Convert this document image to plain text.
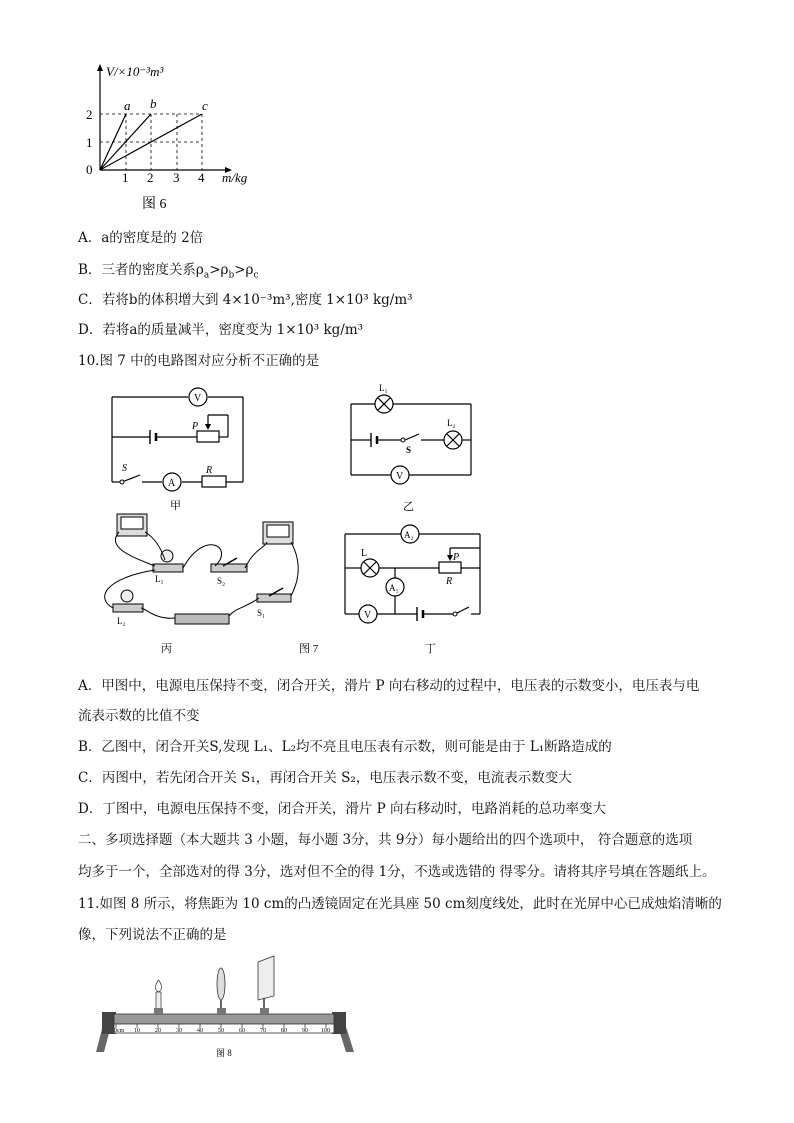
V/×10⁻³m³
m/kg
2
1
0
1 2 3 4
a b	c
图 6
A．a的密度是的 2倍
B．三者的密度关系$\rho_a>\rho_b>\rho_c$
C．若将b的体积增大到 4×10⁻³m³,密度 1×10³ kg/m³
D．若将a的质量减半，密度变为 1×10³ kg/m³
10.图 7 中的电路图对应分析不正确的是
V
A
P
S	R
甲
L₁
L₂
S
V
乙
L₁	S₂
S₁
L₂
丙	图 7
A₂
L	P
R
A₁
V
丁
A．甲图中，电源电压保持不变，闭合开关，滑片 P 向右移动的过程中，电压表的示数变小，电压表与电
流表示数的比值不变
B．乙图中，闭合开关S,发现 L₁、L₂均不亮且电压表有示数，则可能是由于 L₁断路造成的
C．丙图中，若先闭合开关 S₁，再闭合开关 S₂，电压表示数不变，电流表示数变大
D．丁图中，电源电压保持不变，闭合开关，滑片 P 向右移动时，电路消耗的总功率变大
二、多项选择题（本大题共 3 小题，每小题 3分，共 9分）每小题给出的四个选项中， 符合题意的选项
均多于一个，全部选对的得 3分，选对但不全的得 1分，不选或选错的 得零分。请将其序号填在答题纸上。
11.如图 8 所示，将焦距为 10 cm的凸透镜固定在光具座 50 cm刻度线处，此时在光屏中心已成烛焰清晰的
像，下列说法不正确的是
0cm 10	20	30	40	50	60	70	80	90 100
图 8
